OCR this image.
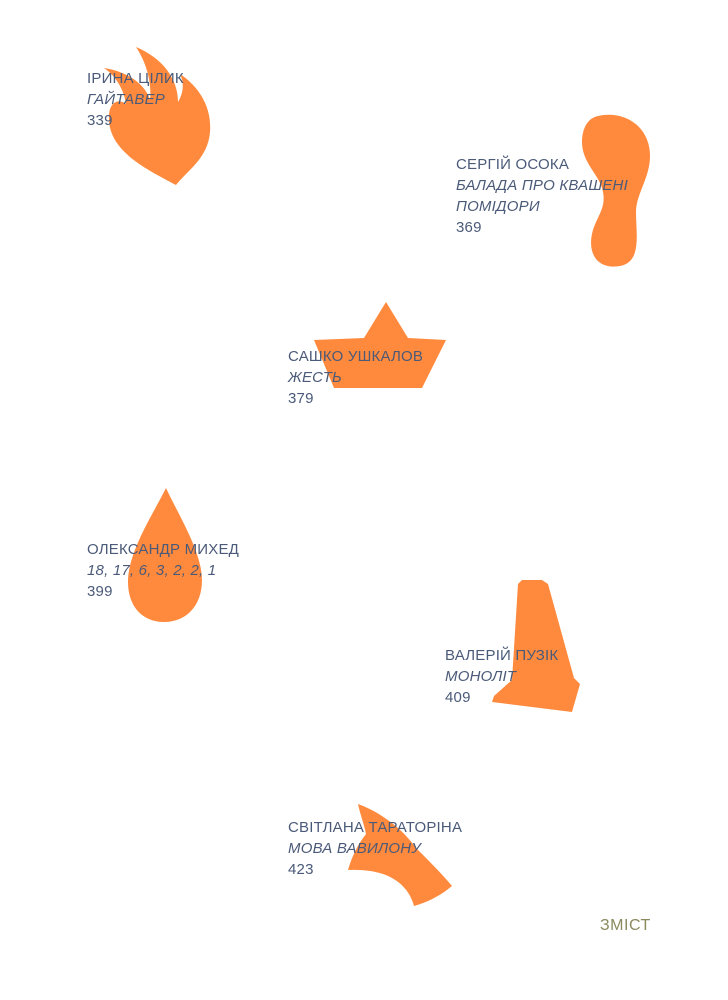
ІРИНА ЦІЛИК
ГАЙТАВЕР
339
СЕРГІЙ ОСОКА
БАЛАДА ПРО КВАШЕНІ
ПОМІДОРИ
369
САШКО УШКАЛОВ
ЖЕСТЬ
379
ОЛЕКСАНДР МИХЕД
18, 17, 6, 3, 2, 2, 1
399
ВАЛЕРІЙ ПУЗІК
МОНОЛІТ
409
СВІТЛАНА ТАРАТОРІНА
МОВА ВАВИЛОНУ
423
ЗМІСТ
